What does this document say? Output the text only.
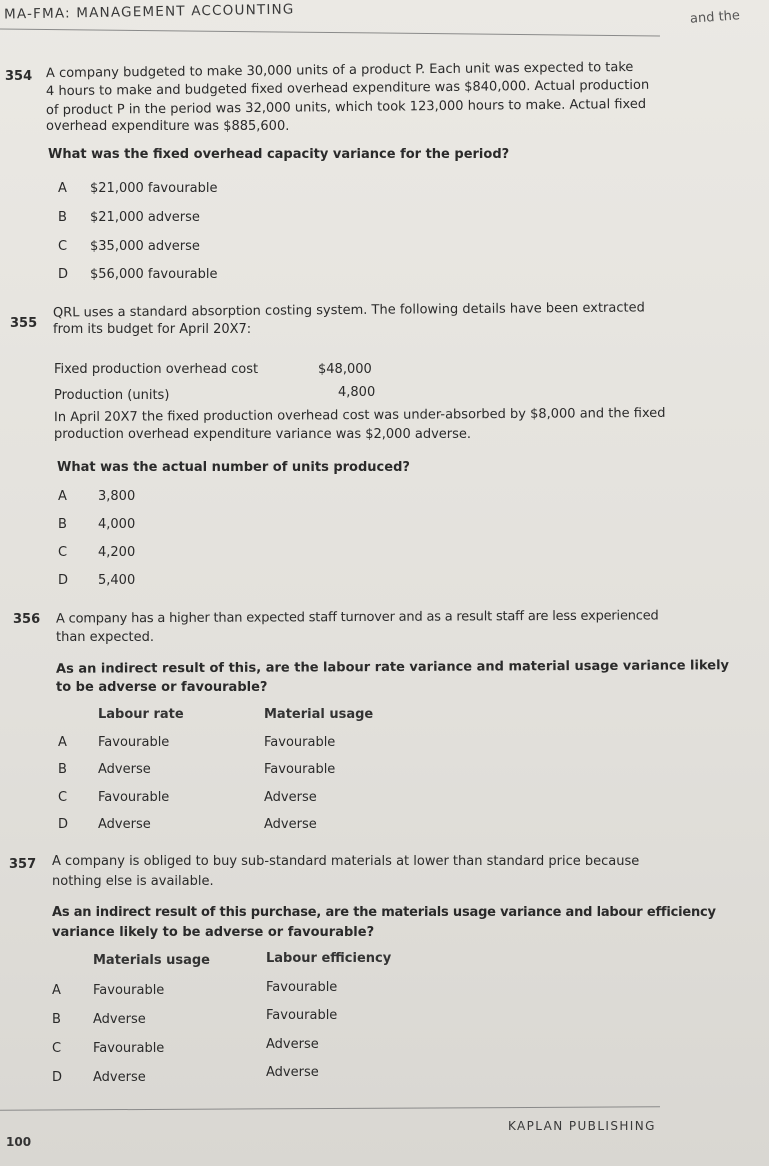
MA-FMA: MANAGEMENT ACCOUNTING	and the
354 A company budgeted to make 30,000 units of a product P. Each unit was expected to take
4 hours to make and budgeted fixed overhead expenditure was $840,000. Actual production
of product P in the period was 32,000 units, which took 123,000 hours to make. Actual fixed
overhead expenditure was $885,600.
What was the fixed overhead capacity variance for the period?
A $21,000 favourable
B $21,000 adverse
C $35,000 adverse
D $56,000 favourable
355
QRL uses a standard absorption costing system. The following details have been extracted
from its budget for April 20X7:
Fixed production overhead cost	$48,000
Production (units)	4,800
In April 20X7 the fixed production overhead cost was under-absorbed by $8,000 and the fixed
production overhead expenditure variance was $2,000 adverse.
What was the actual number of units produced?
A 3,800
B 4,000
C 4,200
D 5,400
356 A company has a higher than expected staff turnover and as a result staff are less experienced
than expected.
As an indirect result of this, are the labour rate variance and material usage variance likely
to be adverse or favourable?
Labour rate	Material usage
A Favourable	Favourable
B Adverse	Favourable
C Favourable	Adverse
D Adverse	Adverse
357 A company is obliged to buy sub-standard materials at lower than standard price because
nothing else is available.
As an indirect result of this purchase, are the materials usage variance and labour efficiency
variance likely to be adverse or favourable?
Materials usage	Labour efficiency
A Favourable	Favourable
B Adverse	Favourable
C Favourable	Adverse
D Adverse	Adverse
100
KAPLAN PUBLISHING
